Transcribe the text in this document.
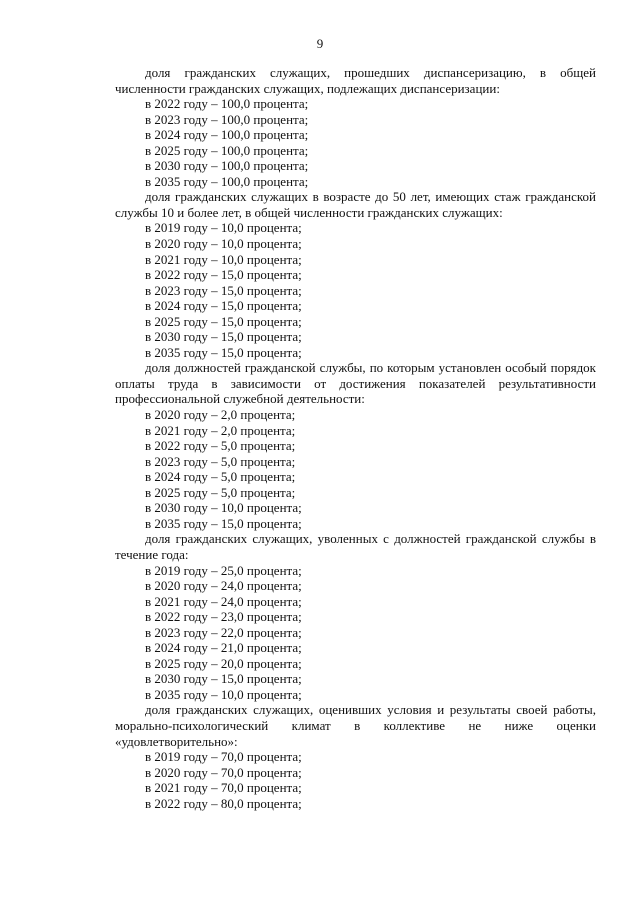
9

доля гражданских служащих, прошедших диспансеризацию, в общей численности гражданских служащих, подлежащих диспансеризации:

в 2022 году – 100,0 процента;

в 2023 году – 100,0 процента;

в 2024 году – 100,0 процента;

в 2025 году – 100,0 процента;

в 2030 году – 100,0 процента;

в 2035 году – 100,0 процента;

доля гражданских служащих в возрасте до 50 лет, имеющих стаж гражданской службы 10 и более лет, в общей численности гражданских служащих:

в 2019 году – 10,0 процента;

в 2020 году – 10,0 процента;

в 2021 году – 10,0 процента;

в 2022 году – 15,0 процента;

в 2023 году – 15,0 процента;

в 2024 году – 15,0 процента;

в 2025 году – 15,0 процента;

в 2030 году – 15,0 процента;

в 2035 году – 15,0 процента;

доля должностей гражданской службы, по которым установлен особый порядок оплаты труда в зависимости от достижения показателей результативности профессиональной служебной деятельности:

в 2020 году – 2,0 процента;

в 2021 году – 2,0 процента;

в 2022 году – 5,0 процента;

в 2023 году – 5,0 процента;

в 2024 году – 5,0 процента;

в 2025 году – 5,0 процента;

в 2030 году – 10,0 процента;

в 2035 году – 15,0 процента;

доля гражданских служащих, уволенных с должностей гражданской службы в течение года:

в 2019 году – 25,0 процента;

в 2020 году – 24,0 процента;

в 2021 году – 24,0 процента;

в 2022 году – 23,0 процента;

в 2023 году – 22,0 процента;

в 2024 году – 21,0 процента;

в 2025 году – 20,0 процента;

в 2030 году – 15,0 процента;

в 2035 году – 10,0 процента;

доля гражданских служащих, оценивших условия и результаты своей работы, морально-психологический климат в коллективе не ниже оценки «удовлетворительно»:

в 2019 году – 70,0 процента;

в 2020 году – 70,0 процента;

в 2021 году – 70,0 процента;

в 2022 году – 80,0 процента;
